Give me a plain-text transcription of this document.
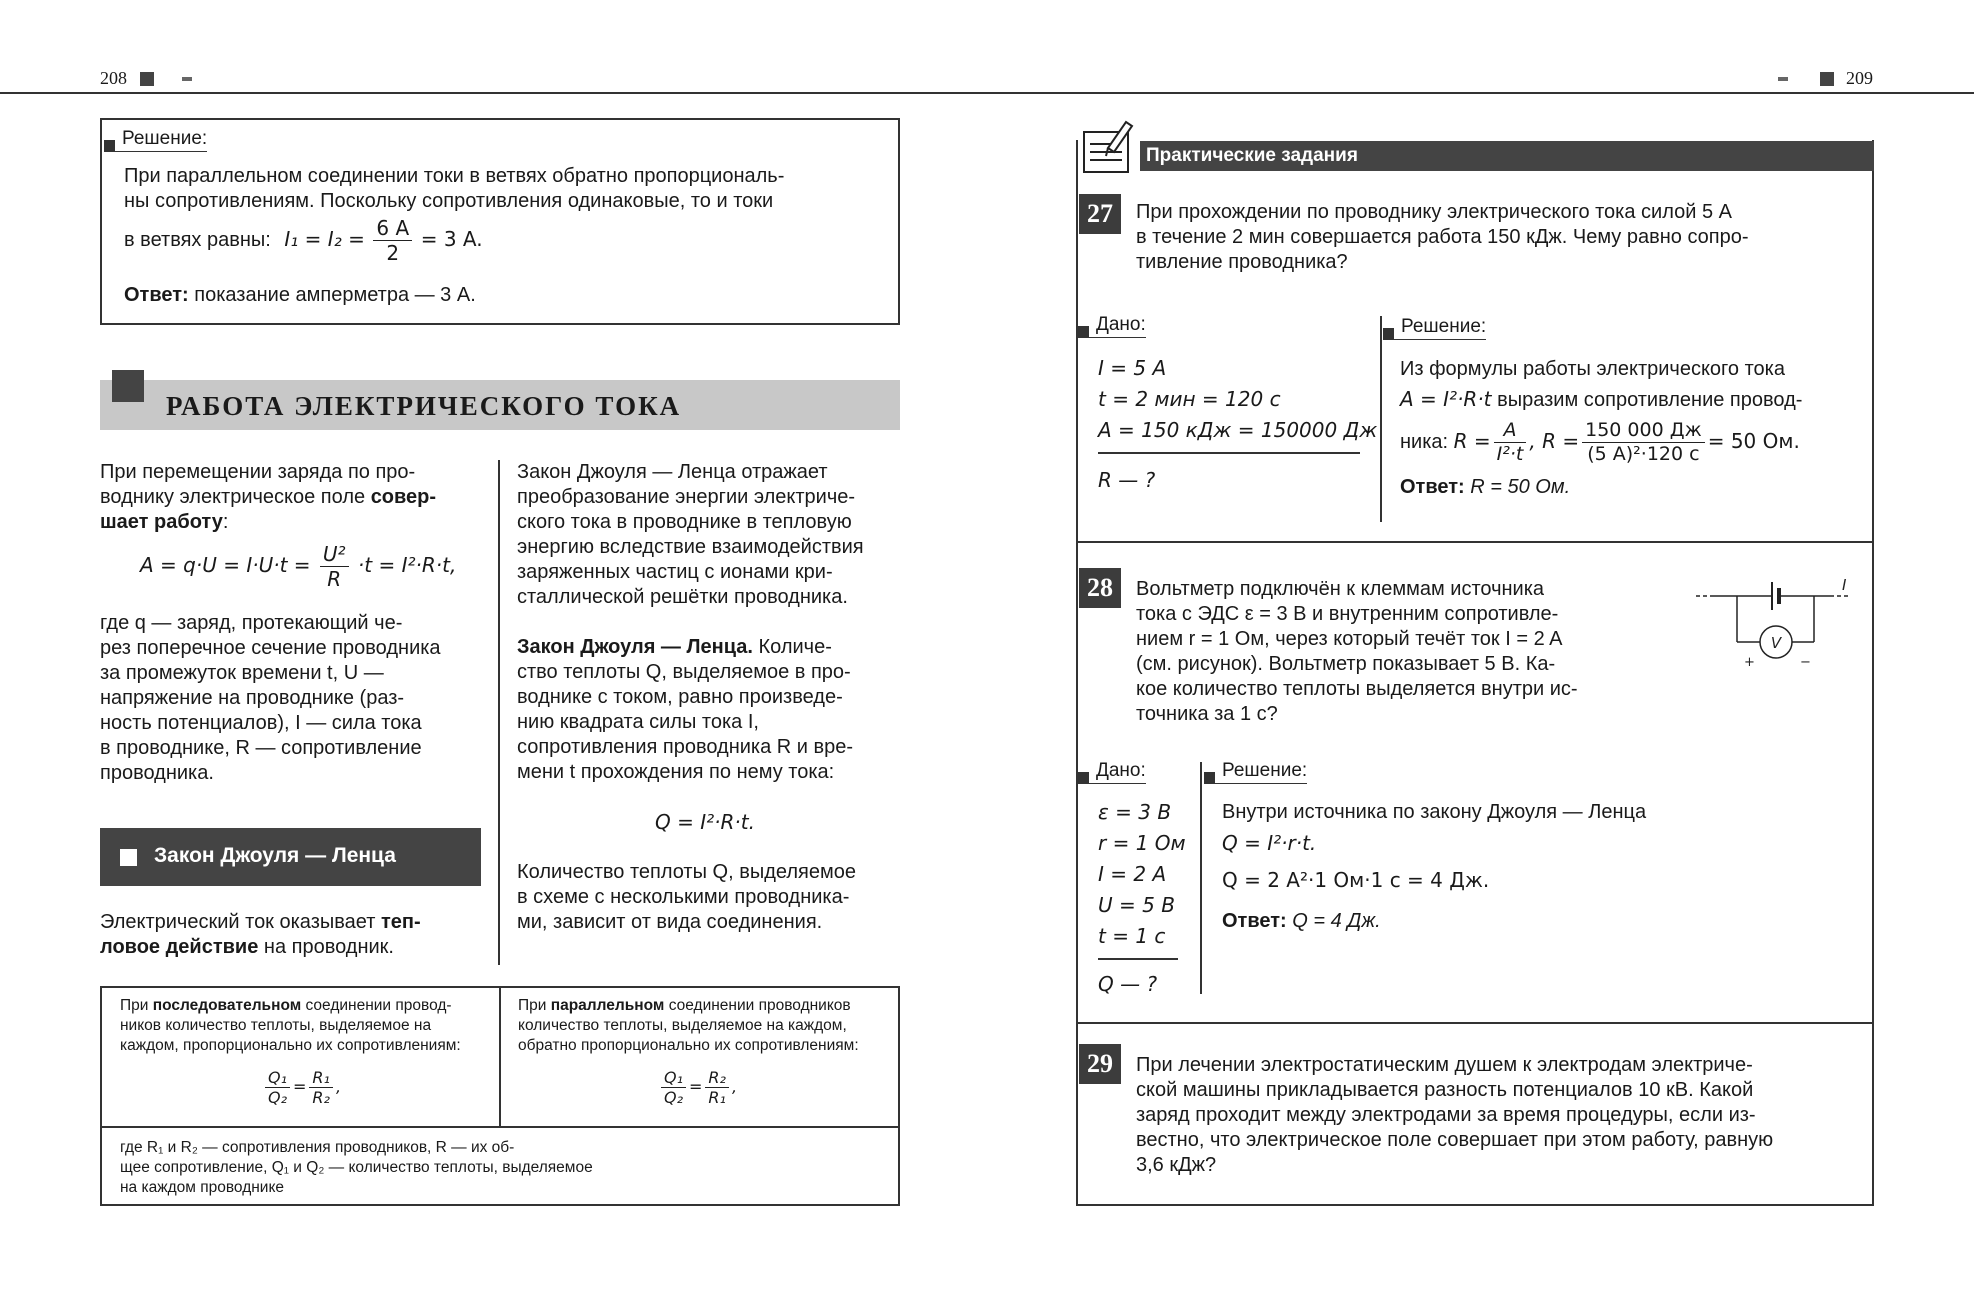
208	209
Решение:
При параллельном соединении токи в ветвях обратно пропорциональ-
ны сопротивлениям. Поскольку сопротивления одинаковые, то и токи
в ветвях равны: $I_1 = I_2 = \frac{6 A}{2} = 3$ A.
Ответ: показание амперметра — 3 А.
РАБОТА ЭЛЕКТРИЧЕСКОГО ТОКА
При перемещении заряда по про-
воднику электрическое поле совер-
шает работу:
$A = q\cdot U = I\cdot U\cdot t = \frac{\text{U²}}{R} \cdot t = I^2\cdot R\cdot t$,
где q — заряд, протекающий че-
рез поперечное сечение проводника
за промежуток времени t, U —
напряжение на проводнике (раз-
ность потенциалов), I — сила тока
в проводнике, R — сопротивление
проводника.
Закон Джоуля — Ленца
Электрический ток оказывает теп-
ловое действие на проводник.
Закон Джоуля — Ленца отражает
преобразование энергии электриче-
ского тока в проводнике в тепловую
энергию вследствие взаимодействия
заряженных частиц с ионами кри-
сталлической решётки проводника.
Закон Джоуля — Ленца. Количе-
ство теплоты Q, выделяемое в про-
воднике с током, равно произведе-
нию квадрата силы тока I,
сопротивления проводника R и вре-
мени t прохождения по нему тока:
Q = I²·R·t.
Количество теплоты Q, выделяемое
в схеме с несколькими проводника-
ми, зависит от вида соединения.
При последовательном соединении провод-
ников количество теплоты, выделяемое на
каждом, пропорционально их сопротивлениям:
$\frac{\text{Q₁}}{\text{Q₂}} = \frac{\text{R₁}}{\text{R₂}}$ ,
При параллельном соединении проводников
количество теплоты, выделяемое на каждом,
обратно пропорционально их сопротивлениям:
$\frac{\text{Q₁}}{\text{Q₂}} = \frac{\text{R₂}}{\text{R₁}}$ ,
где R₁ и R₂ — сопротивления проводников, R — их об-
щее сопротивление, Q₁ и Q₂ — количество теплоты, выделяемое
на каждом проводнике
Практические задания
27	При прохождении по проводнику электрического тока силой 5 А
в течение 2 мин совершается работа 150 кДж. Чему равно сопро-
тивление проводника?
Дано:
I = 5 A
t = 2 мин = 120 с
A = 150 кДж = 150000 Дж
R — ?
Решение:
Из формулы работы электрического тока
A = I²·R·t выразим сопротивление провод-
ника: $R = \frac{A}{\text{I²·t}}$ , $R = \frac{150 000 Дж}{\text{(5 A)²·120 с}} = 50$ Ом.
Ответ: R = 50 Ом.
28	Вольтметр подключён к клеммам источника
тока с ЭДС ε = 3 В и внутренним сопротивле-
нием r = 1 Ом, через который течёт ток I = 2 A
(см. рисунок). Вольтметр показывает 5 В. Ка-
кое количество теплоты выделяется внутри ис-
точника за 1 с?
V
I
+	−
Дано:
ε = 3 В
r = 1 Ом
I = 2 A
U = 5 В
t = 1 с
Q — ?
Решение:
Внутри источника по закону Джоуля — Ленца
Q = I²·r·t.
Q = 2 А²·1 Ом·1 с = 4 Дж.
Ответ: Q = 4 Дж.
29	При лечении электростатическим душем к электродам электриче-
ской машины прикладывается разность потенциалов 10 кВ. Какой
заряд проходит между электродами за время процедуры, если из-
вестно, что электрическое поле совершает при этом работу, равную
3,6 кДж?
